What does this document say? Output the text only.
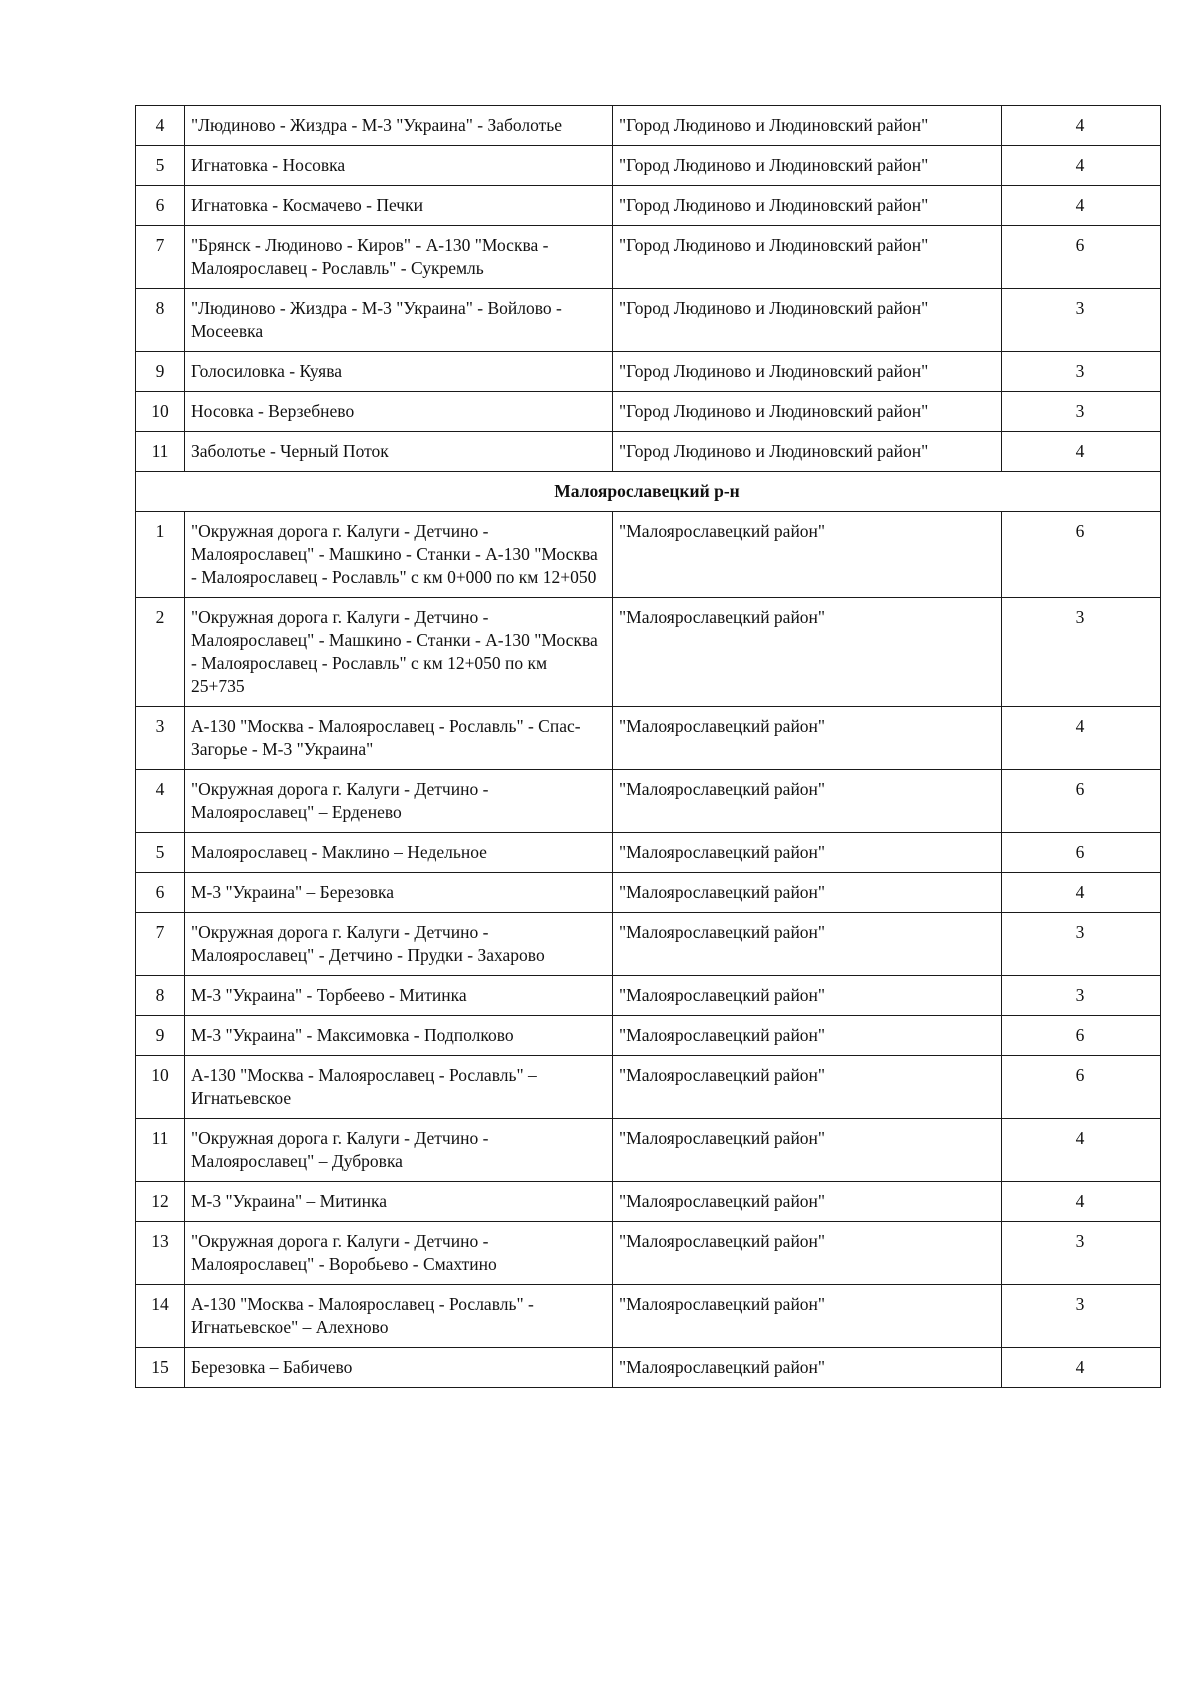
4	"Людиново - Жиздра - М-3 "Украина" - Заболотье	"Город Людиново и Людиновский район"	4
5	Игнатовка - Носовка	"Город Людиново и Людиновский район"	4
6	Игнатовка - Космачево - Печки	"Город Людиново и Людиновский район"	4
7	"Брянск - Людиново - Киров" - А-130 "Москва - Малоярославец - Рославль" - Сукремль	"Город Людиново и Людиновский район"	6
8	"Людиново - Жиздра - М-3 "Украина" - Войлово - Мосеевка	"Город Людиново и Людиновский район"	3
9	Голосиловка - Куява	"Город Людиново и Людиновский район"	3
10	Носовка - Верзебнево	"Город Людиново и Людиновский район"	3
11	Заболотье - Черный Поток	"Город Людиново и Людиновский район"	4
Малоярославецкий р-н			
1	"Окружная дорога г. Калуги - Детчино - Малоярославец" - Машкино - Станки - А-130 "Москва - Малоярославец - Рославль" с км 0+000 по км 12+050	"Малоярославецкий район"	6
2	"Окружная дорога г. Калуги - Детчино - Малоярославец" - Машкино - Станки - А-130 "Москва - Малоярославец - Рославль" с км 12+050 по км 25+735	"Малоярославецкий район"	3
3	А-130 "Москва - Малоярославец - Рославль" - Спас-Загорье - М-3 "Украина"	"Малоярославецкий район"	4
4	"Окружная дорога г. Калуги - Детчино - Малоярославец" – Ерденево	"Малоярославецкий район"	6
5	Малоярославец - Маклино – Недельное	"Малоярославецкий район"	6
6	М-3 "Украина" – Березовка	"Малоярославецкий район"	4
7	"Окружная дорога г. Калуги - Детчино - Малоярославец" - Детчино - Прудки - Захарово	"Малоярославецкий район"	3
8	М-3 "Украина" - Торбеево - Митинка	"Малоярославецкий район"	3
9	М-3 "Украина" - Максимовка - Подполково	"Малоярославецкий район"	6
10	А-130 "Москва - Малоярославец - Рославль" – Игнатьевское	"Малоярославецкий район"	6
11	"Окружная дорога г. Калуги - Детчино - Малоярославец" – Дубровка	"Малоярославецкий район"	4
12	М-3 "Украина" – Митинка	"Малоярославецкий район"	4
13	"Окружная дорога г. Калуги - Детчино - Малоярославец" - Воробьево - Смахтино	"Малоярославецкий район"	3
14	А-130 "Москва - Малоярославец - Рославль" - Игнатьевское" – Алехново	"Малоярославецкий район"	3
15	Березовка – Бабичево	"Малоярославецкий район"	4
